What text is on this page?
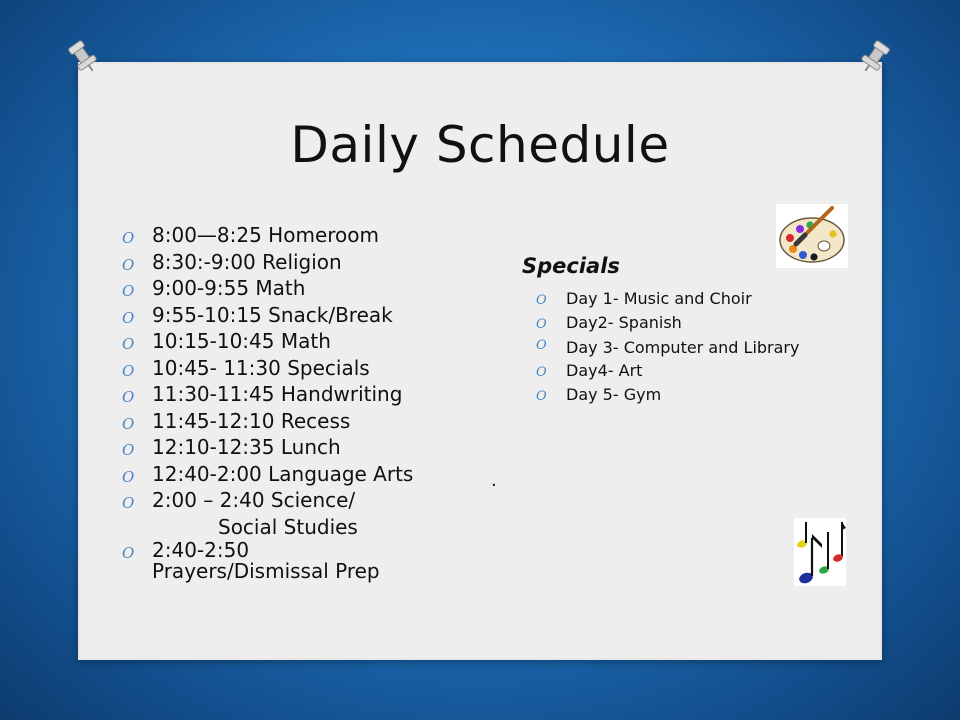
Daily Schedule
O 8:00—8:25 Homeroom
O 8:30:-9:00 Religion
O 9:00-9:55 Math
O 9:55-10:15 Snack/Break
O 10:15-10:45 Math
O 10:45- 11:30 Specials
O 11:30-11:45 Handwriting
O 11:45-12:10 Recess
O 12:10-12:35 Lunch
O 12:40-2:00 Language Arts
O 2:00 – 2:40 Science/
Social Studies
O 2:40-2:50
Prayers/Dismissal Prep
Specials
O Day 1- Music and Choir
O Day2- Spanish
O Day 3- Computer and Library
O Day4- Art
O Day 5- Gym
.
